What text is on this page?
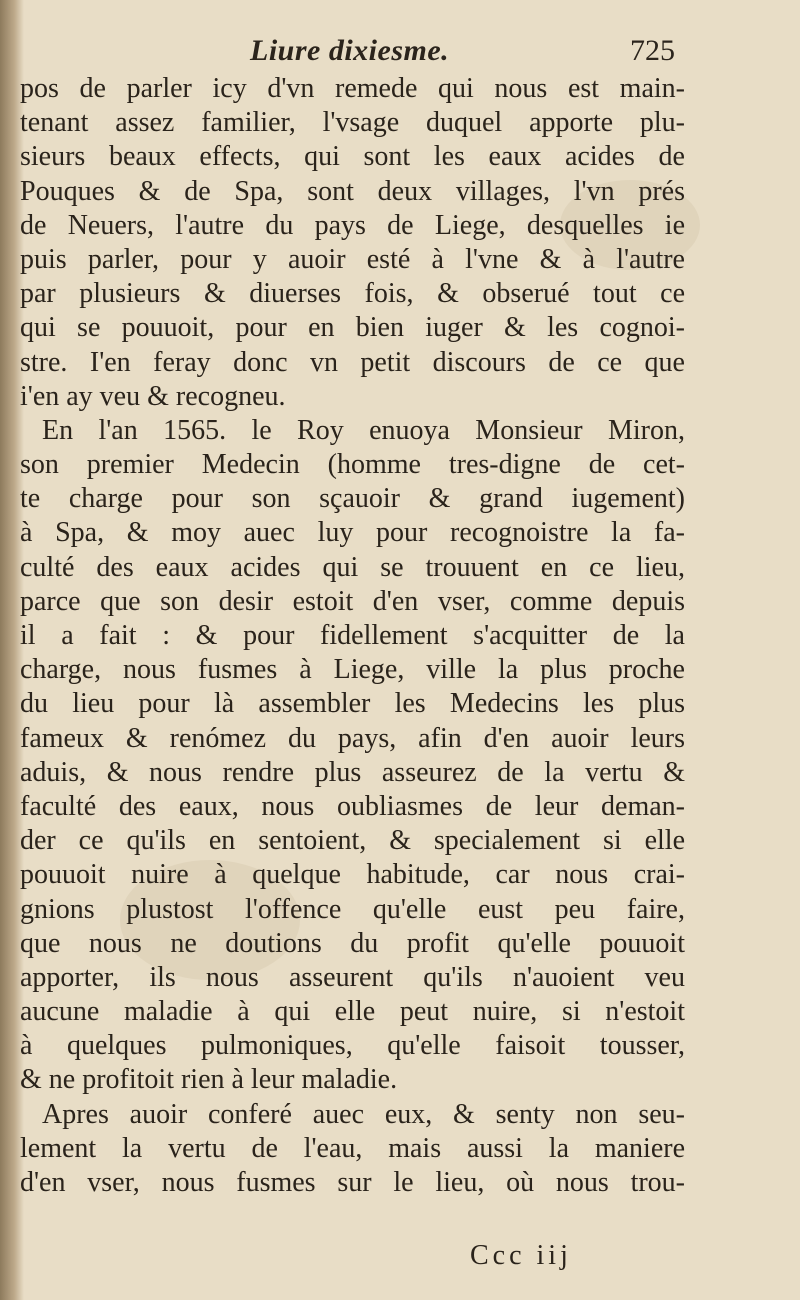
Liure dixiesme.	725
pos de parler icy d'vn remede qui nous est main-
tenant assez familier, l'vsage duquel apporte plu-
sieurs beaux effects, qui sont les eaux acides de
Pouques & de Spa, sont deux villages, l'vn prés
de Neuers, l'autre du pays de Liege, desquelles ie
puis parler, pour y auoir esté à l'vne & à l'autre
par plusieurs & diuerses fois, & obserué tout ce
qui se pouuoit, pour en bien iuger & les cognoi-
stre. I'en feray donc vn petit discours de ce que
i'en ay veu & recogneu.
En l'an 1565. le Roy enuoya Monsieur Miron,
son premier Medecin (homme tres-digne de cet-
te charge pour son sçauoir & grand iugement)
à Spa, & moy auec luy pour recognoistre la fa-
culté des eaux acides qui se trouuent en ce lieu,
parce que son desir estoit d'en vser, comme depuis
il a fait : & pour fidellement s'acquitter de la
charge, nous fusmes à Liege, ville la plus proche
du lieu pour là assembler les Medecins les plus
fameux & renómez du pays, afin d'en auoir leurs
aduis, & nous rendre plus asseurez de la vertu &
faculté des eaux, nous oubliasmes de leur deman-
der ce qu'ils en sentoient, & specialement si elle
pouuoit nuire à quelque habitude, car nous crai-
gnions plustost l'offence qu'elle eust peu faire,
que nous ne doutions du profit qu'elle pouuoit
apporter, ils nous asseurent qu'ils n'auoient veu
aucune maladie à qui elle peut nuire, si n'estoit
à quelques pulmoniques, qu'elle faisoit tousser,
& ne profitoit rien à leur maladie.
Apres auoir conferé auec eux, & senty non seu-
lement la vertu de l'eau, mais aussi la maniere
d'en vser, nous fusmes sur le lieu, où nous trou-
Ccc iij
